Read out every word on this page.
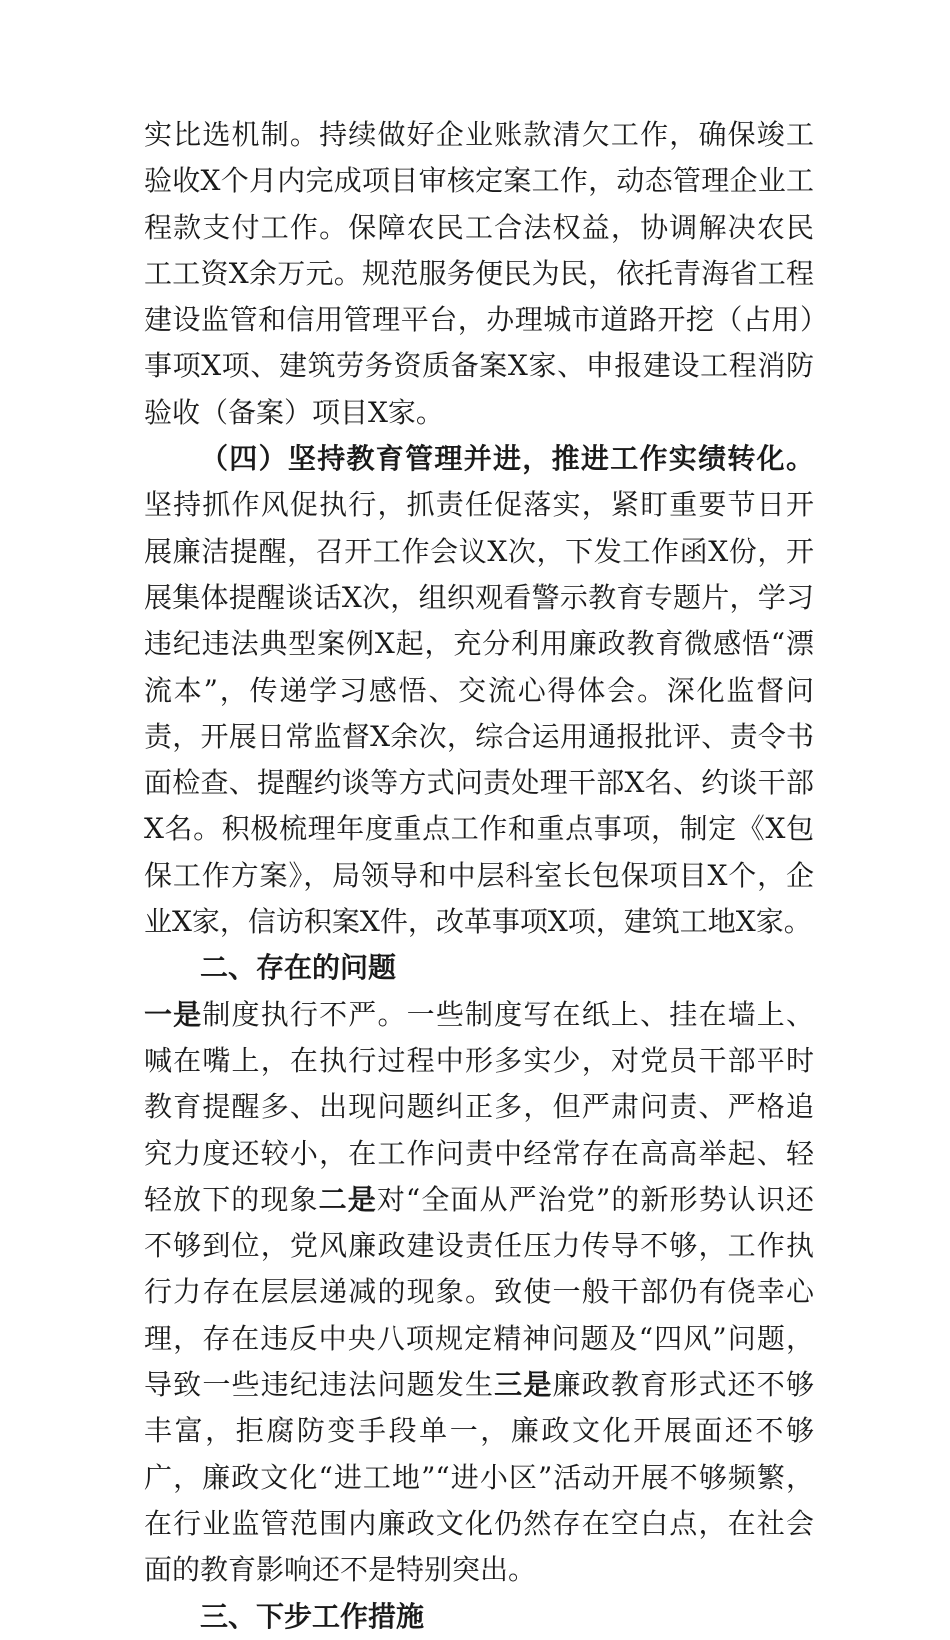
实比选机制。持续做好企业账款清欠工作，确保竣工验收X个月内完成项目审核定案工作，动态管理企业工程款支付工作。保障农民工合法权益，协调解决农民工工资X余万元。规范服务便民为民，依托青海省工程建设监管和信用管理平台，办理城市道路开挖（占用）事项X项、建筑劳务资质备案X家、申报建设工程消防验收（备案）项目X家。

（四）坚持教育管理并进，推进工作实绩转化。坚持抓作风促执行，抓责任促落实，紧盯重要节日开展廉洁提醒，召开工作会议X次，下发工作函X份，开展集体提醒谈话X次，组织观看警示教育专题片，学习违纪违法典型案例X起，充分利用廉政教育微感悟“漂流本”，传递学习感悟、交流心得体会。深化监督问责，开展日常监督X余次，综合运用通报批评、责令书面检查、提醒约谈等方式问责处理干部X名、约谈干部X名。积极梳理年度重点工作和重点事项，制定《X包保工作方案》，局领导和中层科室长包保项目X个，企业X家，信访积案X件，改革事项X项，建筑工地X家。

二、存在的问题

一是制度执行不严。一些制度写在纸上、挂在墙上、喊在嘴上，在执行过程中形多实少，对党员干部平时教育提醒多、出现问题纠正多，但严肃问责、严格追究力度还较小，在工作问责中经常存在高高举起、轻轻放下的现象二是对“全面从严治党”的新形势认识还不够到位，党风廉政建设责任压力传导不够，工作执行力存在层层递减的现象。致使一般干部仍有侥幸心理，存在违反中央八项规定精神问题及“四风”问题，导致一些违纪违法问题发生三是廉政教育形式还不够丰富，拒腐防变手段单一，廉政文化开展面还不够广，廉政文化“进工地”“进小区”活动开展不够频繁，在行业监管范围内廉政文化仍然存在空白点，在社会面的教育影响还不是特别突出。

三、下步工作措施
